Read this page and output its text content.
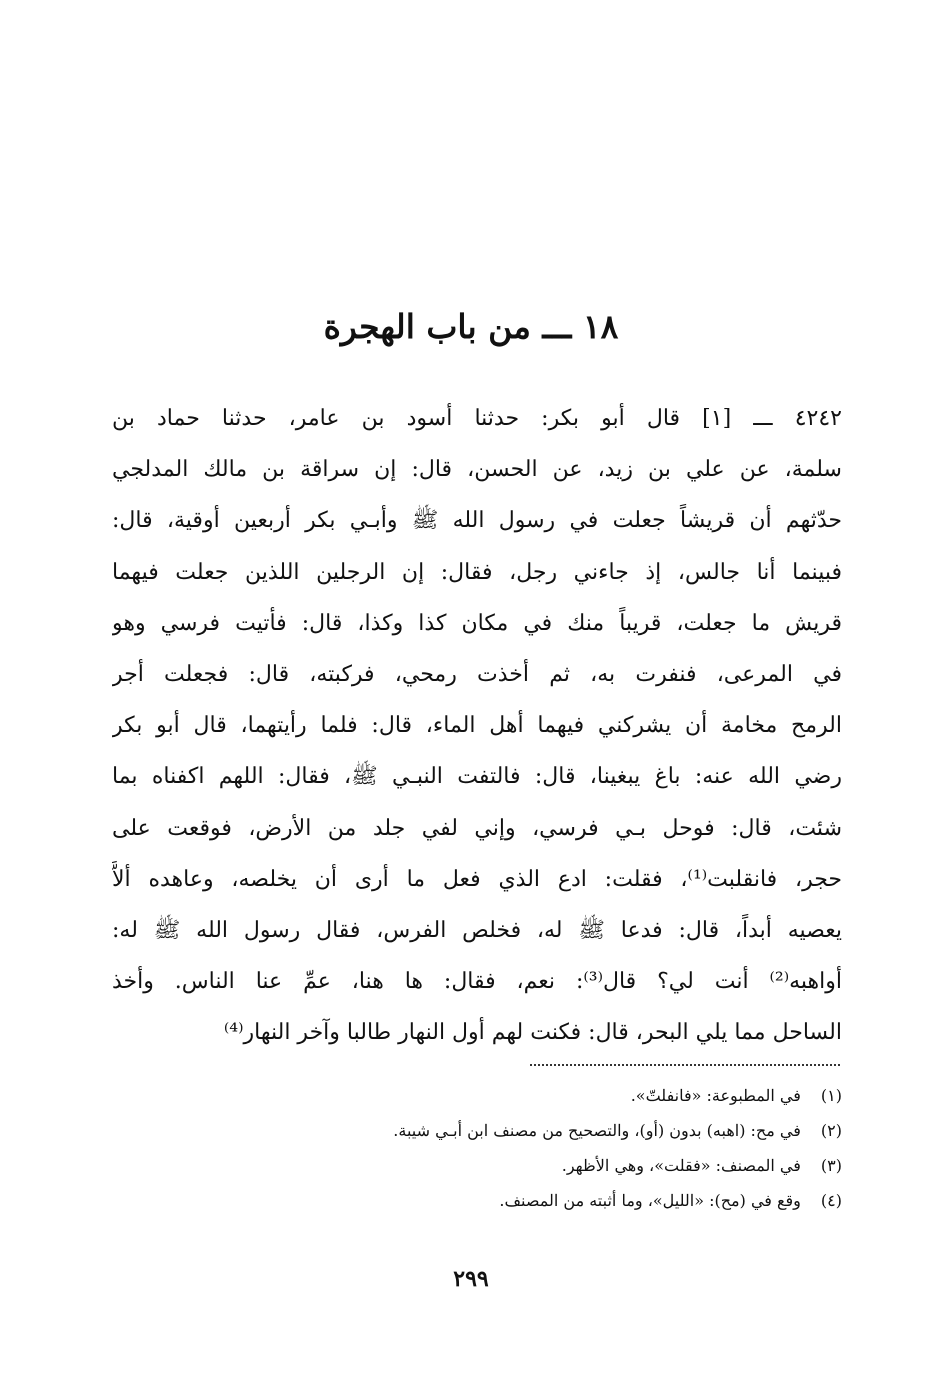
١٨ ـــ من باب الهجرة
٤٢٤٢ ـــ [١] قال أبو بكر: حدثنا أسود بن عامر، حدثنا حماد بن
سلمة، عن علي بن زيد، عن الحسن، قال: إن سراقة بن مالك المدلجي
حدّثهم أن قريشاً جعلت في رسول الله ﷺ وأبـي بكر أربعين أوقية، قال:
فبينما أنا جالس، إذ جاءني رجل، فقال: إن الرجلين اللذين جعلت فيهما
قريش ما جعلت، قريباً منك في مكان كذا وكذا، قال: فأتيت فرسي وهو
في المرعى، فنفرت به، ثم أخذت رمحي، فركبته، قال: فجعلت أجر
الرمح مخامة أن يشركني فيهما أهل الماء، قال: فلما رأيتهما، قال أبو بكر
رضي الله عنه: باغ يبغينا، قال: فالتفت النبـي ﷺ، فقال: اللهم اكفناه بما
شئت، قال: فوحل بـي فرسي، وإني لفي جلد من الأرض، فوقعت على
حجر، فانقلبت⁽¹⁾، فقلت: ادع الذي فعل ما أرى أن يخلصه، وعاهده ألاَّ
يعصيه أبداً، قال: فدعا ﷺ له، فخلص الفرس، فقال رسول الله ﷺ له:
أواهبه⁽²⁾ أنت لي؟ قال⁽³⁾: نعم، فقال: ها هنا، عمِّ عنا الناس. وأخذ
الساحل مما يلي البحر، قال: فكنت لهم أول النهار طالبا وآخر النهار⁽⁴⁾
(١) في المطبوعة: «فانفلتّ».
(٢) في مح: (اهبه) بدون (أو)، والتصحيح من مصنف ابن أبـي شيبة.
(٣) في المصنف: «فقلت»، وهي الأظهر.
(٤) وقع في (مح): «الليل»، وما أثبته من المصنف.
٢٩٩
